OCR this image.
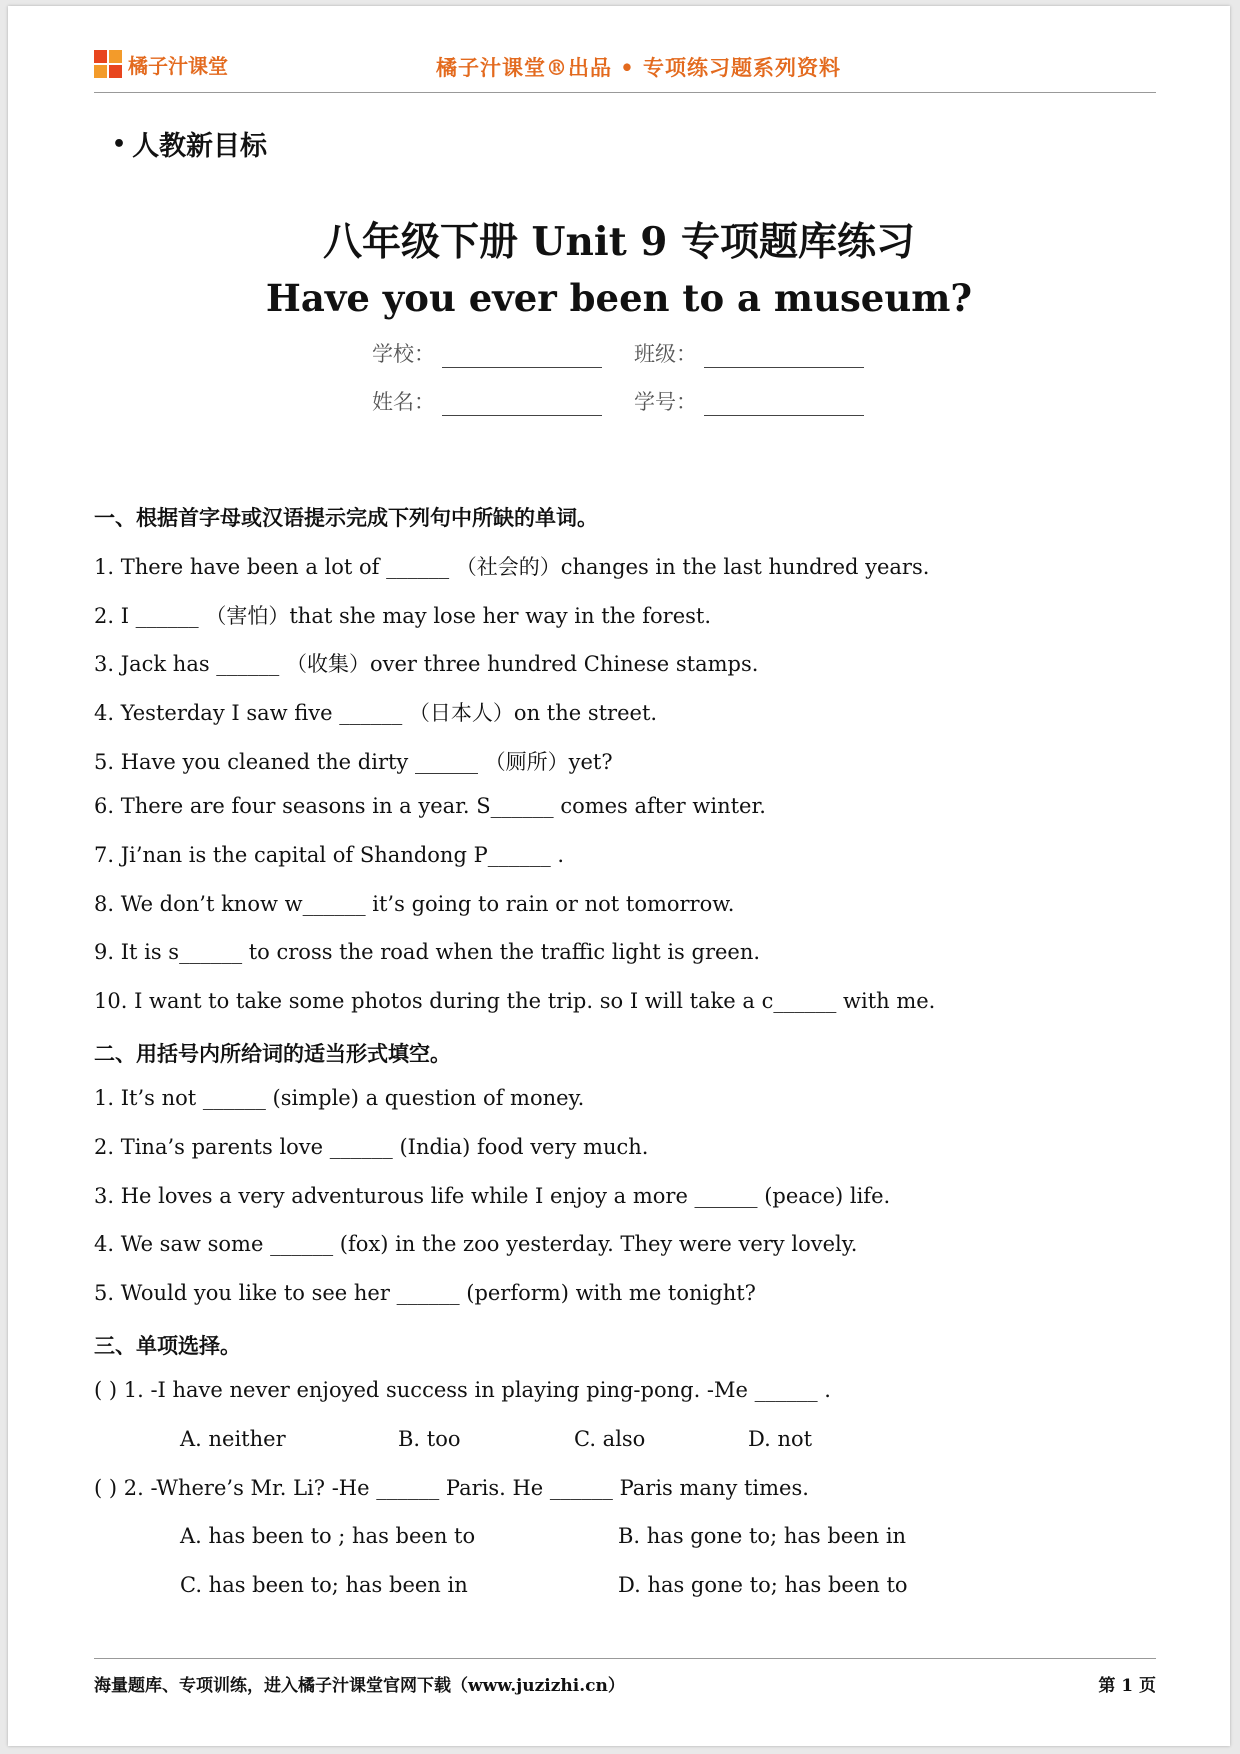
橘子汁课堂	橘子汁课堂®出品 • 专项练习题系列资料
• 人教新目标
八年级下册 Unit 9 专项题库练习
Have you ever been to a museum?
学校：	班级：
姓名：	学号：
一、根据首字母或汉语提示完成下列句中所缺的单词。
1. There have been a lot of ______ （社会的）changes in the last hundred years.
2. I ______ （害怕）that she may lose her way in the forest.
3. Jack has ______ （收集）over three hundred Chinese stamps.
4. Yesterday I saw five ______ （日本人）on the street.
5. Have you cleaned the dirty ______ （厕所）yet?
6. There are four seasons in a year. S______ comes after winter.
7. Ji’nan is the capital of Shandong P______ .
8. We don’t know w______ it’s going to rain or not tomorrow.
9. It is s______ to cross the road when the traffic light is green.
10. I want to take some photos during the trip. so I will take a c______ with me.
二、用括号内所给词的适当形式填空。
1. It’s not ______ (simple) a question of money.
2. Tina’s parents love ______ (India) food very much.
3. He loves a very adventurous life while I enjoy a more ______ (peace) life.
4. We saw some ______ (fox) in the zoo yesterday. They were very lovely.
5. Would you like to see her ______ (perform) with me tonight?
三、单项选择。
( ) 1. -I have never enjoyed success in playing ping-pong. -Me ______ .
A. neither	B. too	C. also	D. not
( ) 2. -Where’s Mr. Li? -He ______ Paris. He ______ Paris many times.
A. has been to ; has been to	B. has gone to; has been in
C. has been to; has been in	D. has gone to; has been to
海量题库、专项训练，进入橘子汁课堂官网下载（www.juzizhi.cn）	第 1 页
